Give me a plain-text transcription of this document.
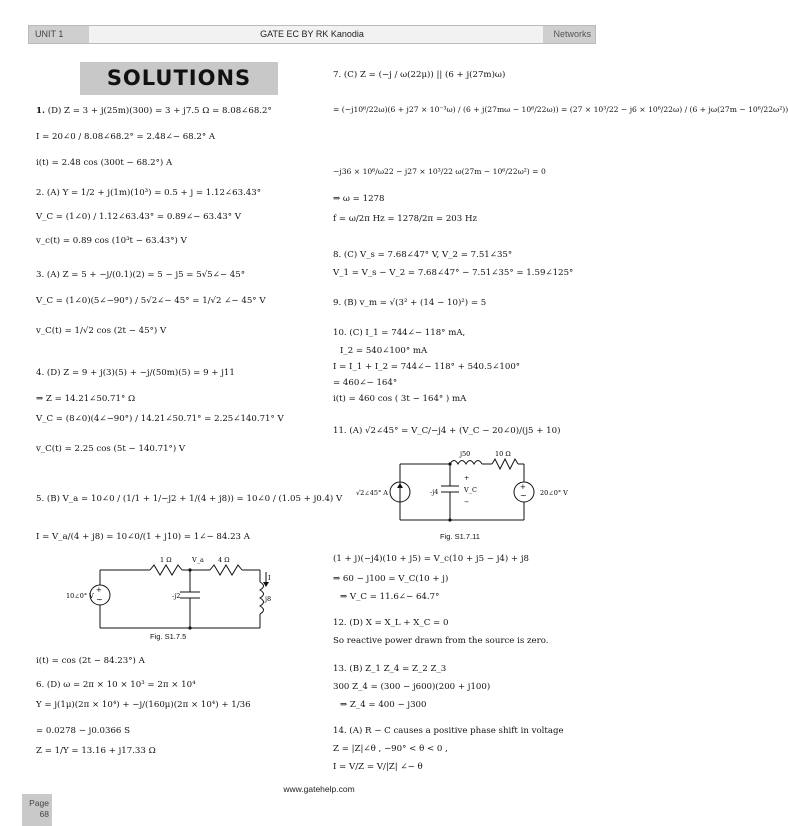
UNIT 1	GATE EC BY RK Kanodia	Networks
SOLUTIONS
1. (D) Z = 3 + j(25m)(300) = 3 + j7.5 Ω = 8.08∠68.2°
I = 20∠0 / 8.08∠68.2° = 2.48∠− 68.2° A
i(t) = 2.48 cos (300t − 68.2°) A
2. (A) Y = 1/2 + j(1m)(10³) = 0.5 + j = 1.12∠63.43°
V_C = (1∠0) / 1.12∠63.43° = 0.89∠− 63.43° V
v_c(t) = 0.89 cos (10³t − 63.43°) V
3. (A) Z = 5 + −j/(0.1)(2) = 5 − j5 = 5√5∠− 45°
V_C = (1∠0)(5∠−90°) / 5√2∠− 45° = 1/√2 ∠− 45° V
v_C(t) = 1/√2 cos (2t − 45°) V
4. (D) Z = 9 + j(3)(5) + −j/(50m)(5) = 9 + j11
⇒ Z = 14.21∠50.71° Ω
V_C = (8∠0)(4∠−90°) / 14.21∠50.71° = 2.25∠140.71° V
v_C(t) = 2.25 cos (5t − 140.71°) V
5. (B) V_a = 10∠0 / (1/1 + 1/−j2 + 1/(4 + j8)) = 10∠0 / (1.05 + j0.4) V
I = V_a/(4 + j8) = 10∠0/(1 + j10) = 1∠− 84.23 A
+
~
1 Ω	V_a 4 Ω
I
10∠0° V	-j2	j8
Fig. S1.7.5
i(t) = cos (2t − 84.23°) A
6. (D) ω = 2π × 10 × 10³ = 2π × 10⁴
Y = j(1μ)(2π × 10⁴) + −j/(160μ)(2π × 10⁴) + 1/36
= 0.0278 − j0.0366 S
Z = 1/Y = 13.16 + j17.33 Ω
7. (C) Z = (−j / ω(22μ)) || (6 + j(27m)ω)
= (−j10⁶/22ω)(6 + j27 × 10⁻³ω) / (6 + j(27mω − 10⁶/22ω)) = (27 × 10³/22 − j6 × 10⁶/22ω) / (6 + jω(27m − 10⁶/22ω²))
−j36 × 10⁶/ω22 − j27 × 10³/22 ω(27m − 10⁶/22ω²) = 0
⇒ ω = 1278
f = ω/2π Hz = 1278/2π = 203 Hz
8. (C) V_s = 7.68∠47° V, V_2 = 7.51∠35°
V_1 = V_s − V_2 = 7.68∠47° − 7.51∠35° = 1.59∠125°
9. (B) v_m = √(3² + (14 − 10)²) = 5
10. (C) I_1 = 744∠− 118° mA,
I_2 = 540∠100° mA
I = I_1 + I_2 = 744∠− 118° + 540.5∠100°
= 460∠− 164°
i(t) = 460 cos ( 3t − 164° ) mA
11. (A) √2∠45° = V_C/−j4 + (V_C − 20∠0)/(j5 + 10)
+
~
j50	10 Ω
+
V_C
−
√2∠45° A	-j4	20∠0° V
Fig. S1.7.11
(1 + j)(−j4)(10 + j5) = V_c(10 + j5 − j4) + j8
⇒ 60 − j100 = V_C(10 + j)
⇒ V_C = 11.6∠− 64.7°
12. (D) X = X_L + X_C = 0
So reactive power drawn from the source is zero.
13. (B) Z_1 Z_4 = Z_2 Z_3
300 Z_4 = (300 − j600)(200 + j100)
⇒ Z_4 = 400 − j300
14. (A) R − C causes a positive phase shift in voltage
Z = |Z|∠θ , −90° < θ < 0 ,
I = V/Z = V/|Z| ∠− θ
www.gatehelp.com
Page
68
